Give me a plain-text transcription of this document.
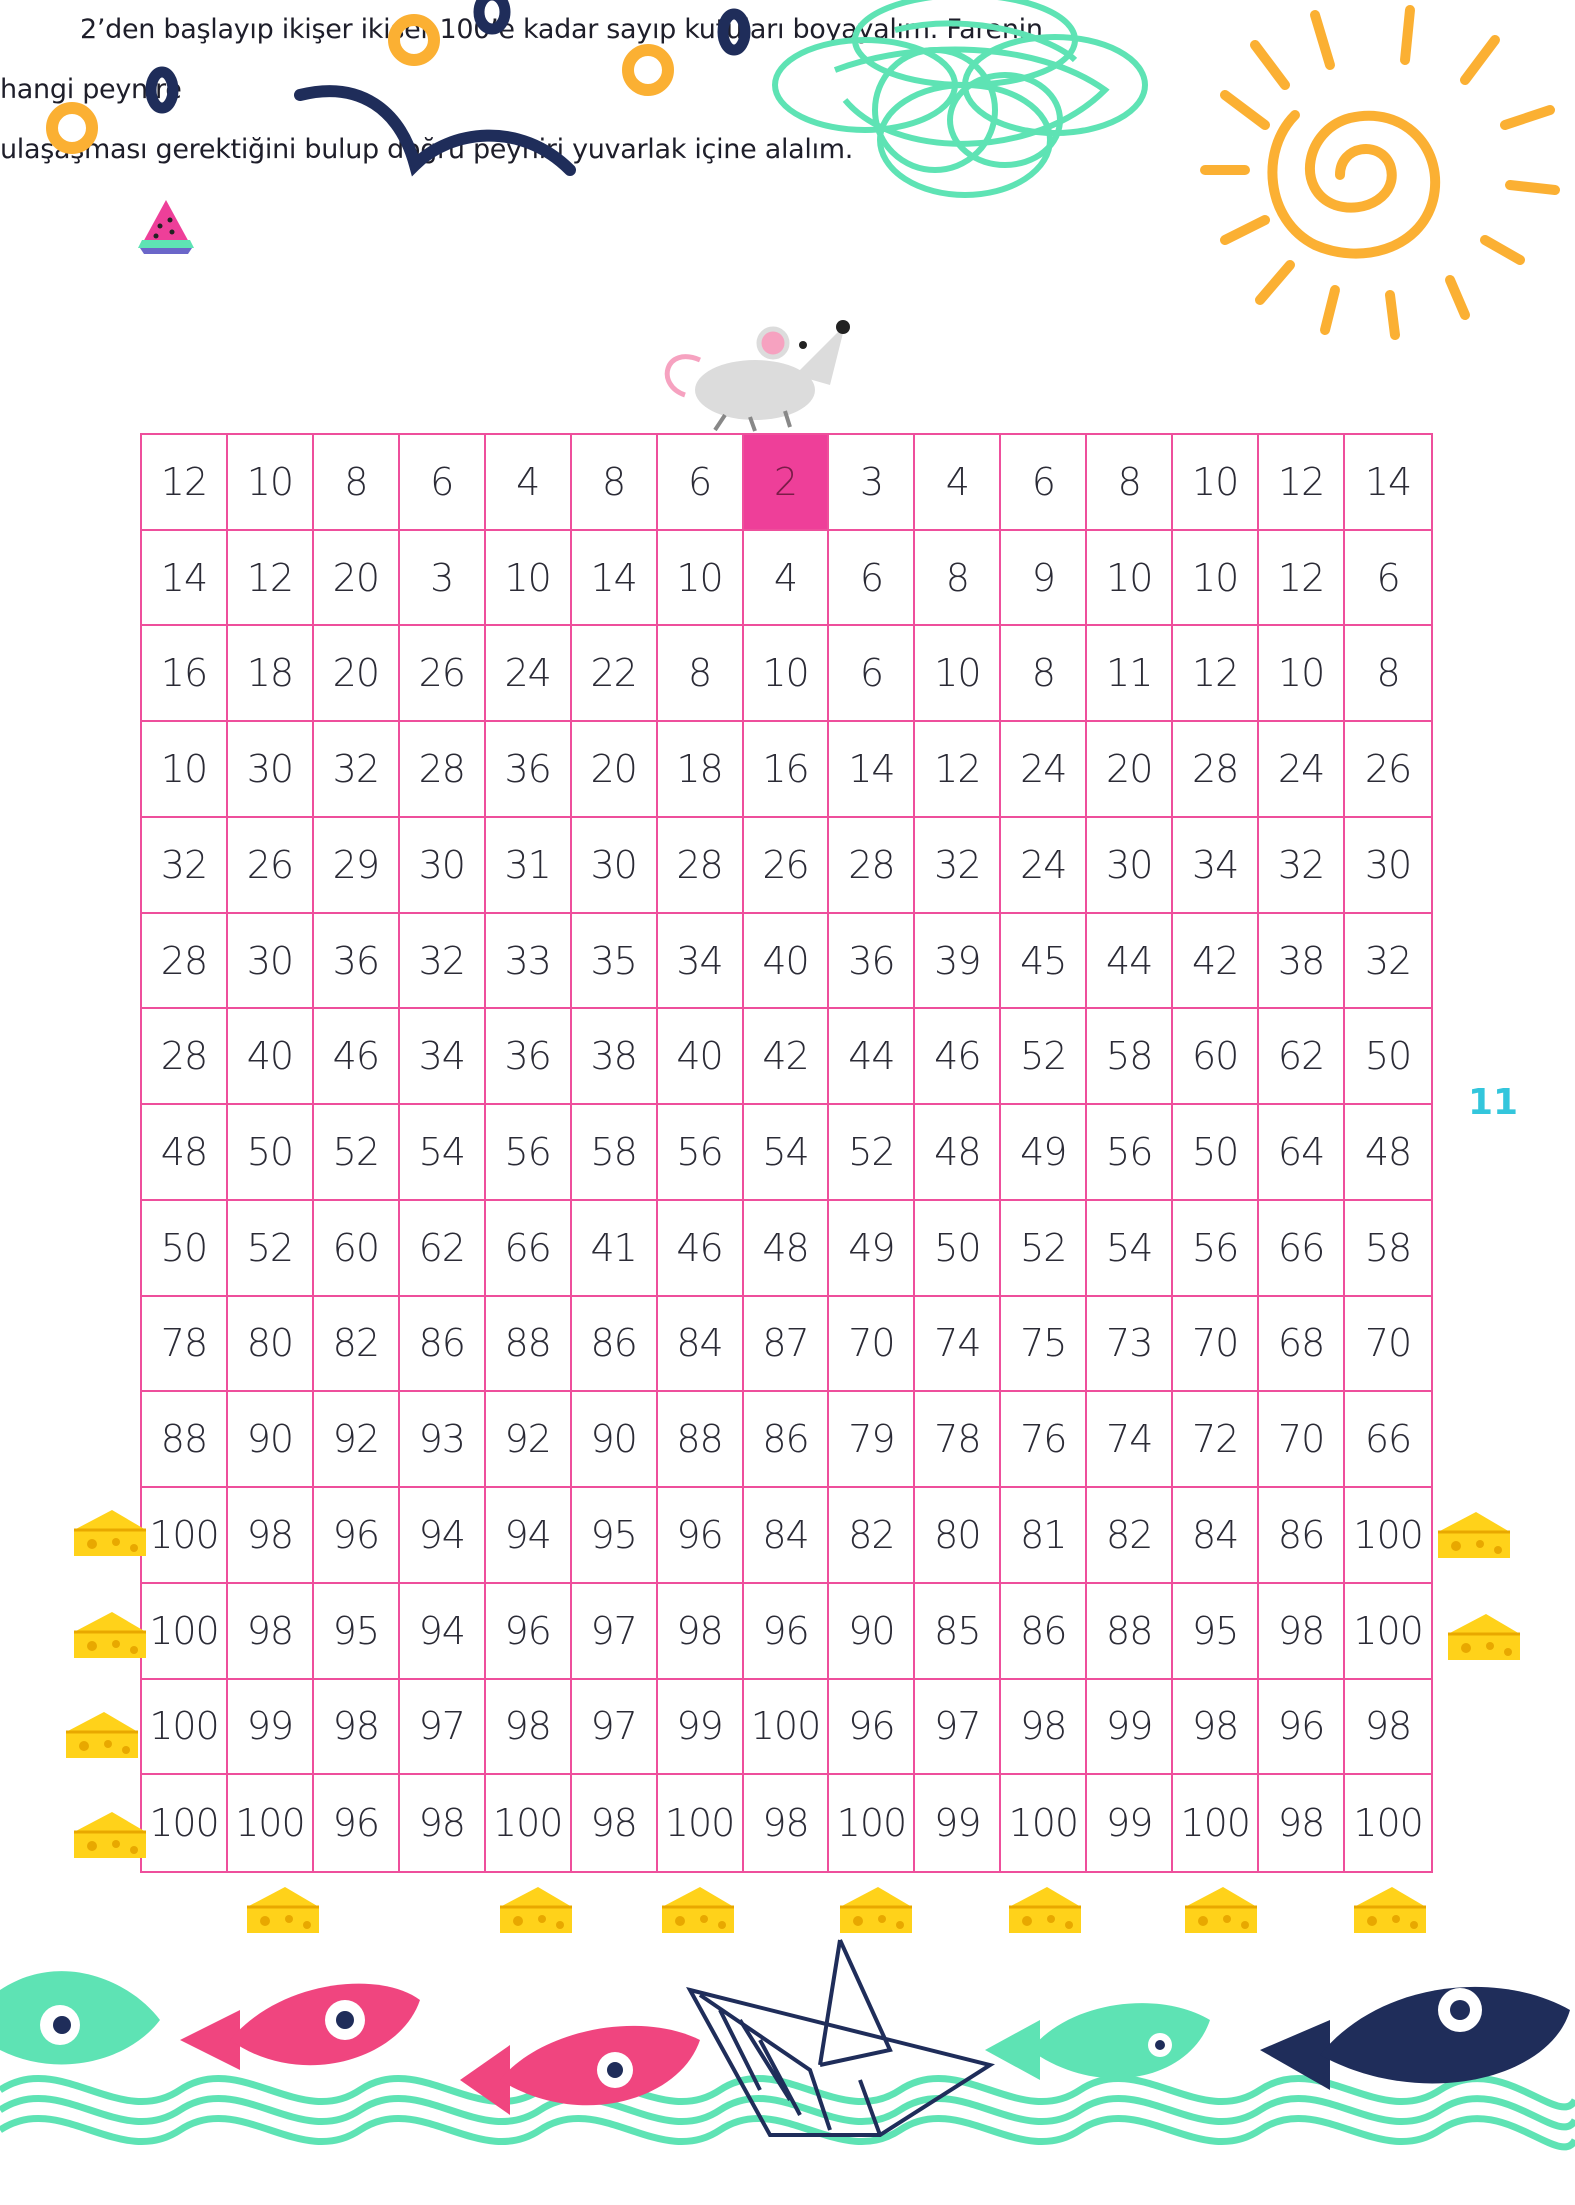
2’den başlayıp ikişer ikişer 100’e kadar sayıp kutuları boyayalım. Farenin hangi peynire
ulaşaşması gerektiğini bulup doğru peyniri yuvarlak içine alalım.
12	10	8	6	4	8	6	2	3	4	6	8	10	12	14
14	12	20	3	10	14	10	4	6	8	9	10	10	12	6
16	18	20	26	24	22	8	10	6	10	8	11	12	10	8
10	30	32	28	36	20	18	16	14	12	24	20	28	24	26
32	26	29	30	31	30	28	26	28	32	24	30	34	32	30
28	30	36	32	33	35	34	40	36	39	45	44	42	38	32
28	40	46	34	36	38	40	42	44	46	52	58	60	62	50
48	50	52	54	56	58	56	54	52	48	49	56	50	64	48
50	52	60	62	66	41	46	48	49	50	52	54	56	66	58
78	80	82	86	88	86	84	87	70	74	75	73	70	68	70
88	90	92	93	92	90	88	86	79	78	76	74	72	70	66
100 98	96	94	94	95	96	84	82	80	81	82	84	86 100
100 98	95	94	96	97	98	96	90	85	86	88	95	98 100
100 99	98	97	98	97	99 100 96	97	98	99	98	96	98
100 100 96	98 100 98 100 98 100 99 100 99 100 98 100
11
